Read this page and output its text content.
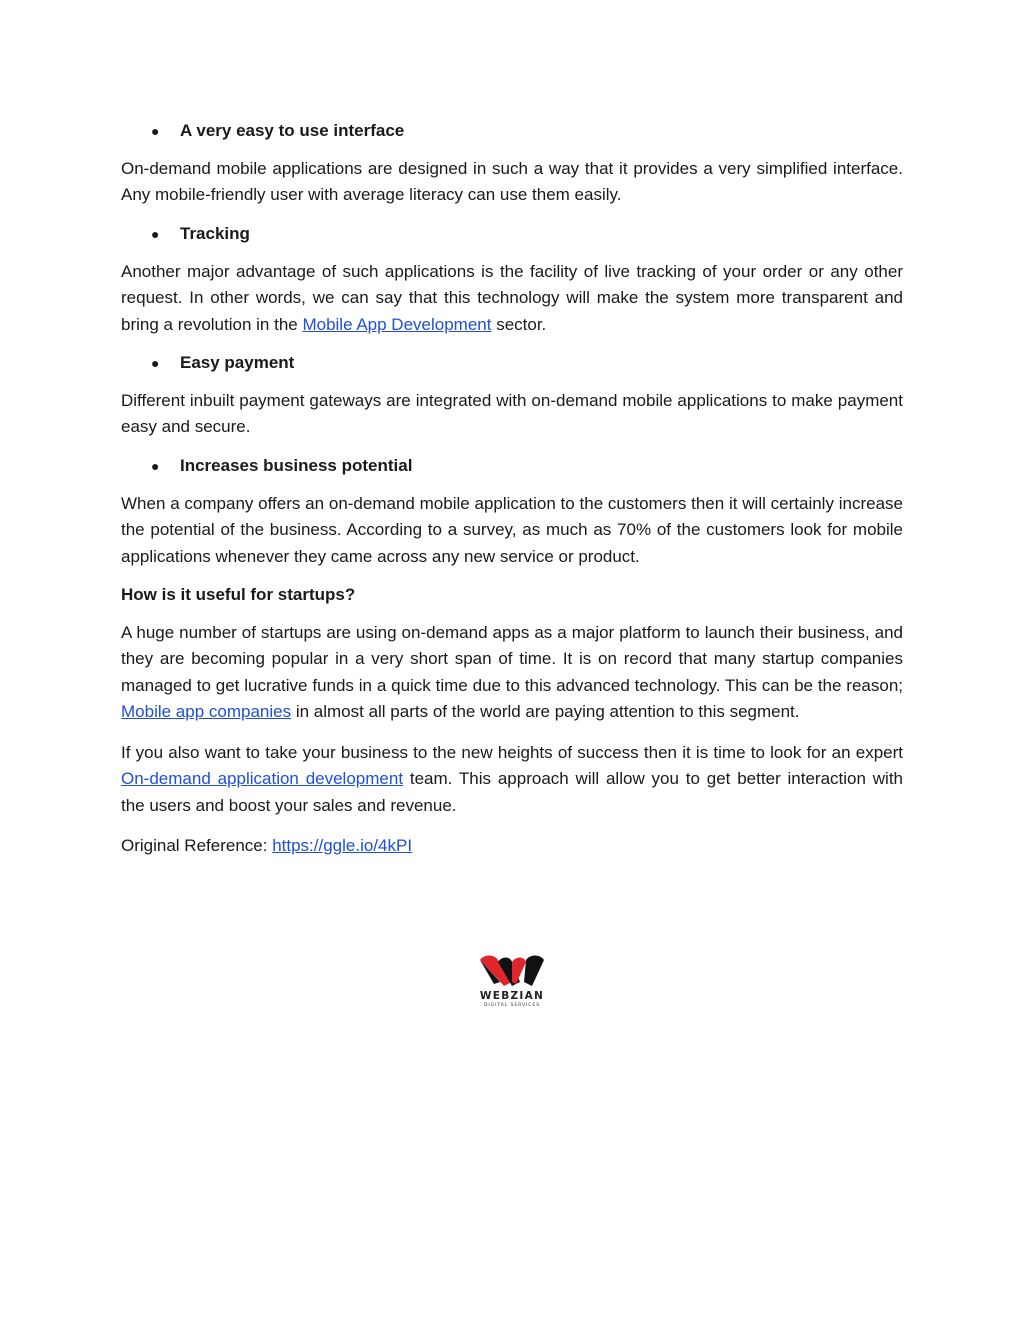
●	A very easy to use interface

On-demand mobile applications are designed in such a way that it provides a very simplified interface. Any mobile-friendly user with average literacy can use them easily.

●	Tracking

Another major advantage of such applications is the facility of live tracking of your order or any other request. In other words, we can say that this technology will make the system more transparent and bring a revolution in the Mobile App Development sector.

●	Easy payment

Different inbuilt payment gateways are integrated with on-demand mobile applications to make payment easy and secure.

●	Increases business potential

When a company offers an on-demand mobile application to the customers then it will certainly increase the potential of the business. According to a survey, as much as 70% of the customers look for mobile applications whenever they came across any new service or product.

How is it useful for startups?

A huge number of startups are using on-demand apps as a major platform to launch their business, and they are becoming popular in a very short span of time. It is on record that many startup companies managed to get lucrative funds in a quick time due to this advanced technology. This can be the reason; Mobile app companies in almost all parts of the world are paying attention to this segment.

If you also want to take your business to the new heights of success then it is time to look for an expert On-demand application development team. This approach will allow you to get better interaction with the users and boost your sales and revenue.

Original Reference: https://ggle.io/4kPI

WEBZIAN
DIGITAL SERVICES
